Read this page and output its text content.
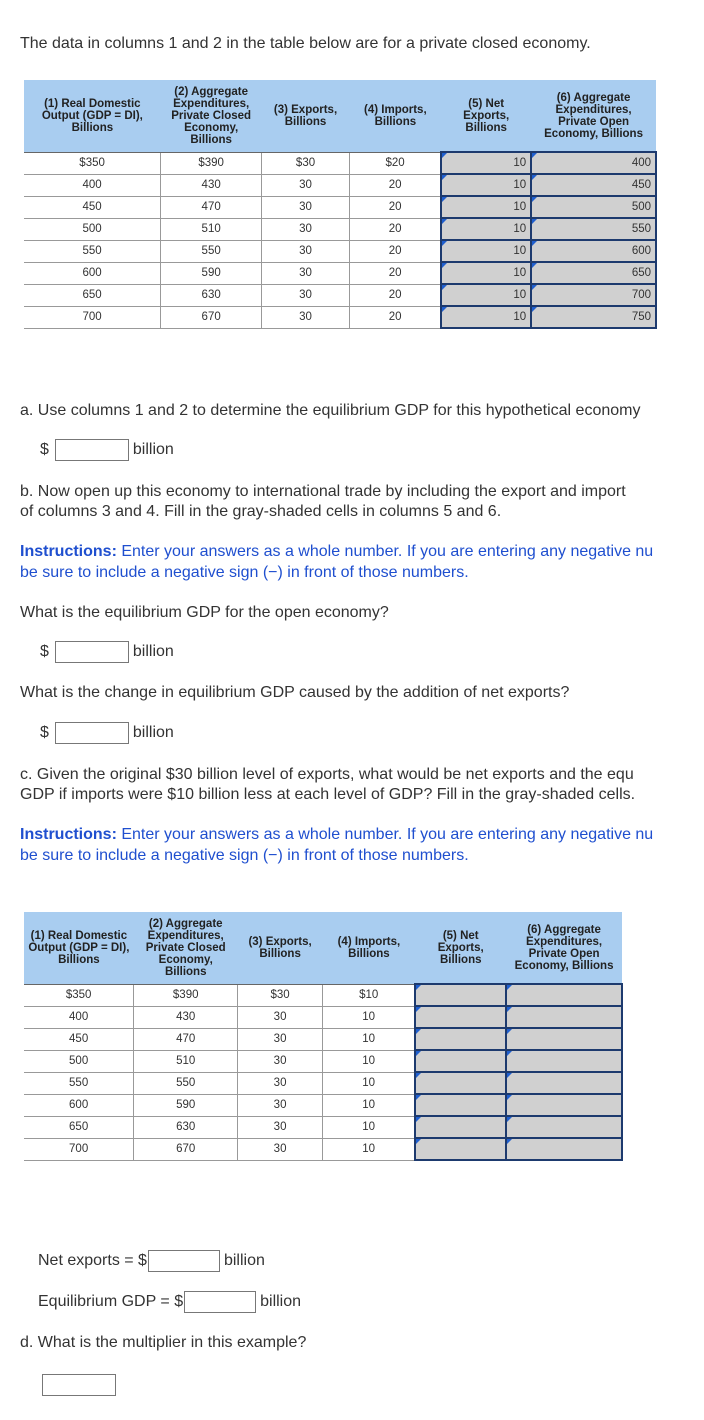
The data in columns 1 and 2 in the table below are for a private closed economy.
(1) Real Domestic
Output (GDP = DI),
Billions	(2) Aggregate
Expenditures,
Private Closed
Economy,
Billions	(3) Exports,
Billions	(4) Imports,
Billions	(5) Net
Exports,
Billions	(6) Aggregate
Expenditures,
Private Open
Economy, Billions
$350	$390	$30	$20	10	400
400	430	30	20	10	450
450	470	30	20	10	500
500	510	30	20	10	550
550	550	30	20	10	600
600	590	30	20	10	650
650	630	30	20	10	700
700	670	30	20	10	750
a. Use columns 1 and 2 to determine the equilibrium GDP for this hypothetical economy
$	billion
b. Now open up this economy to international trade by including the export and import
of columns 3 and 4. Fill in the gray-shaded cells in columns 5 and 6.
Instructions: Enter your answers as a whole number. If you are entering any negative nu
be sure to include a negative sign (−) in front of those numbers.
What is the equilibrium GDP for the open economy?
$	billion
What is the change in equilibrium GDP caused by the addition of net exports?
$	billion
c. Given the original $30 billion level of exports, what would be net exports and the equ
GDP if imports were $10 billion less at each level of GDP? Fill in the gray-shaded cells.
Instructions: Enter your answers as a whole number. If you are entering any negative nu
be sure to include a negative sign (−) in front of those numbers.
(1) Real Domestic
Output (GDP = DI),
Billions	(2) Aggregate
Expenditures,
Private Closed
Economy,
Billions	(3) Exports,
Billions	(4) Imports,
Billions	(5) Net
Exports,
Billions	(6) Aggregate
Expenditures,
Private Open
Economy, Billions
$350	$390	$30	$10		
400	430	30	10		
450	470	30	10		
500	510	30	10		
550	550	30	10		
600	590	30	10		
650	630	30	10		
700	670	30	10		
Net exports = $	billion
Equilibrium GDP = $	billion
d. What is the multiplier in this example?
